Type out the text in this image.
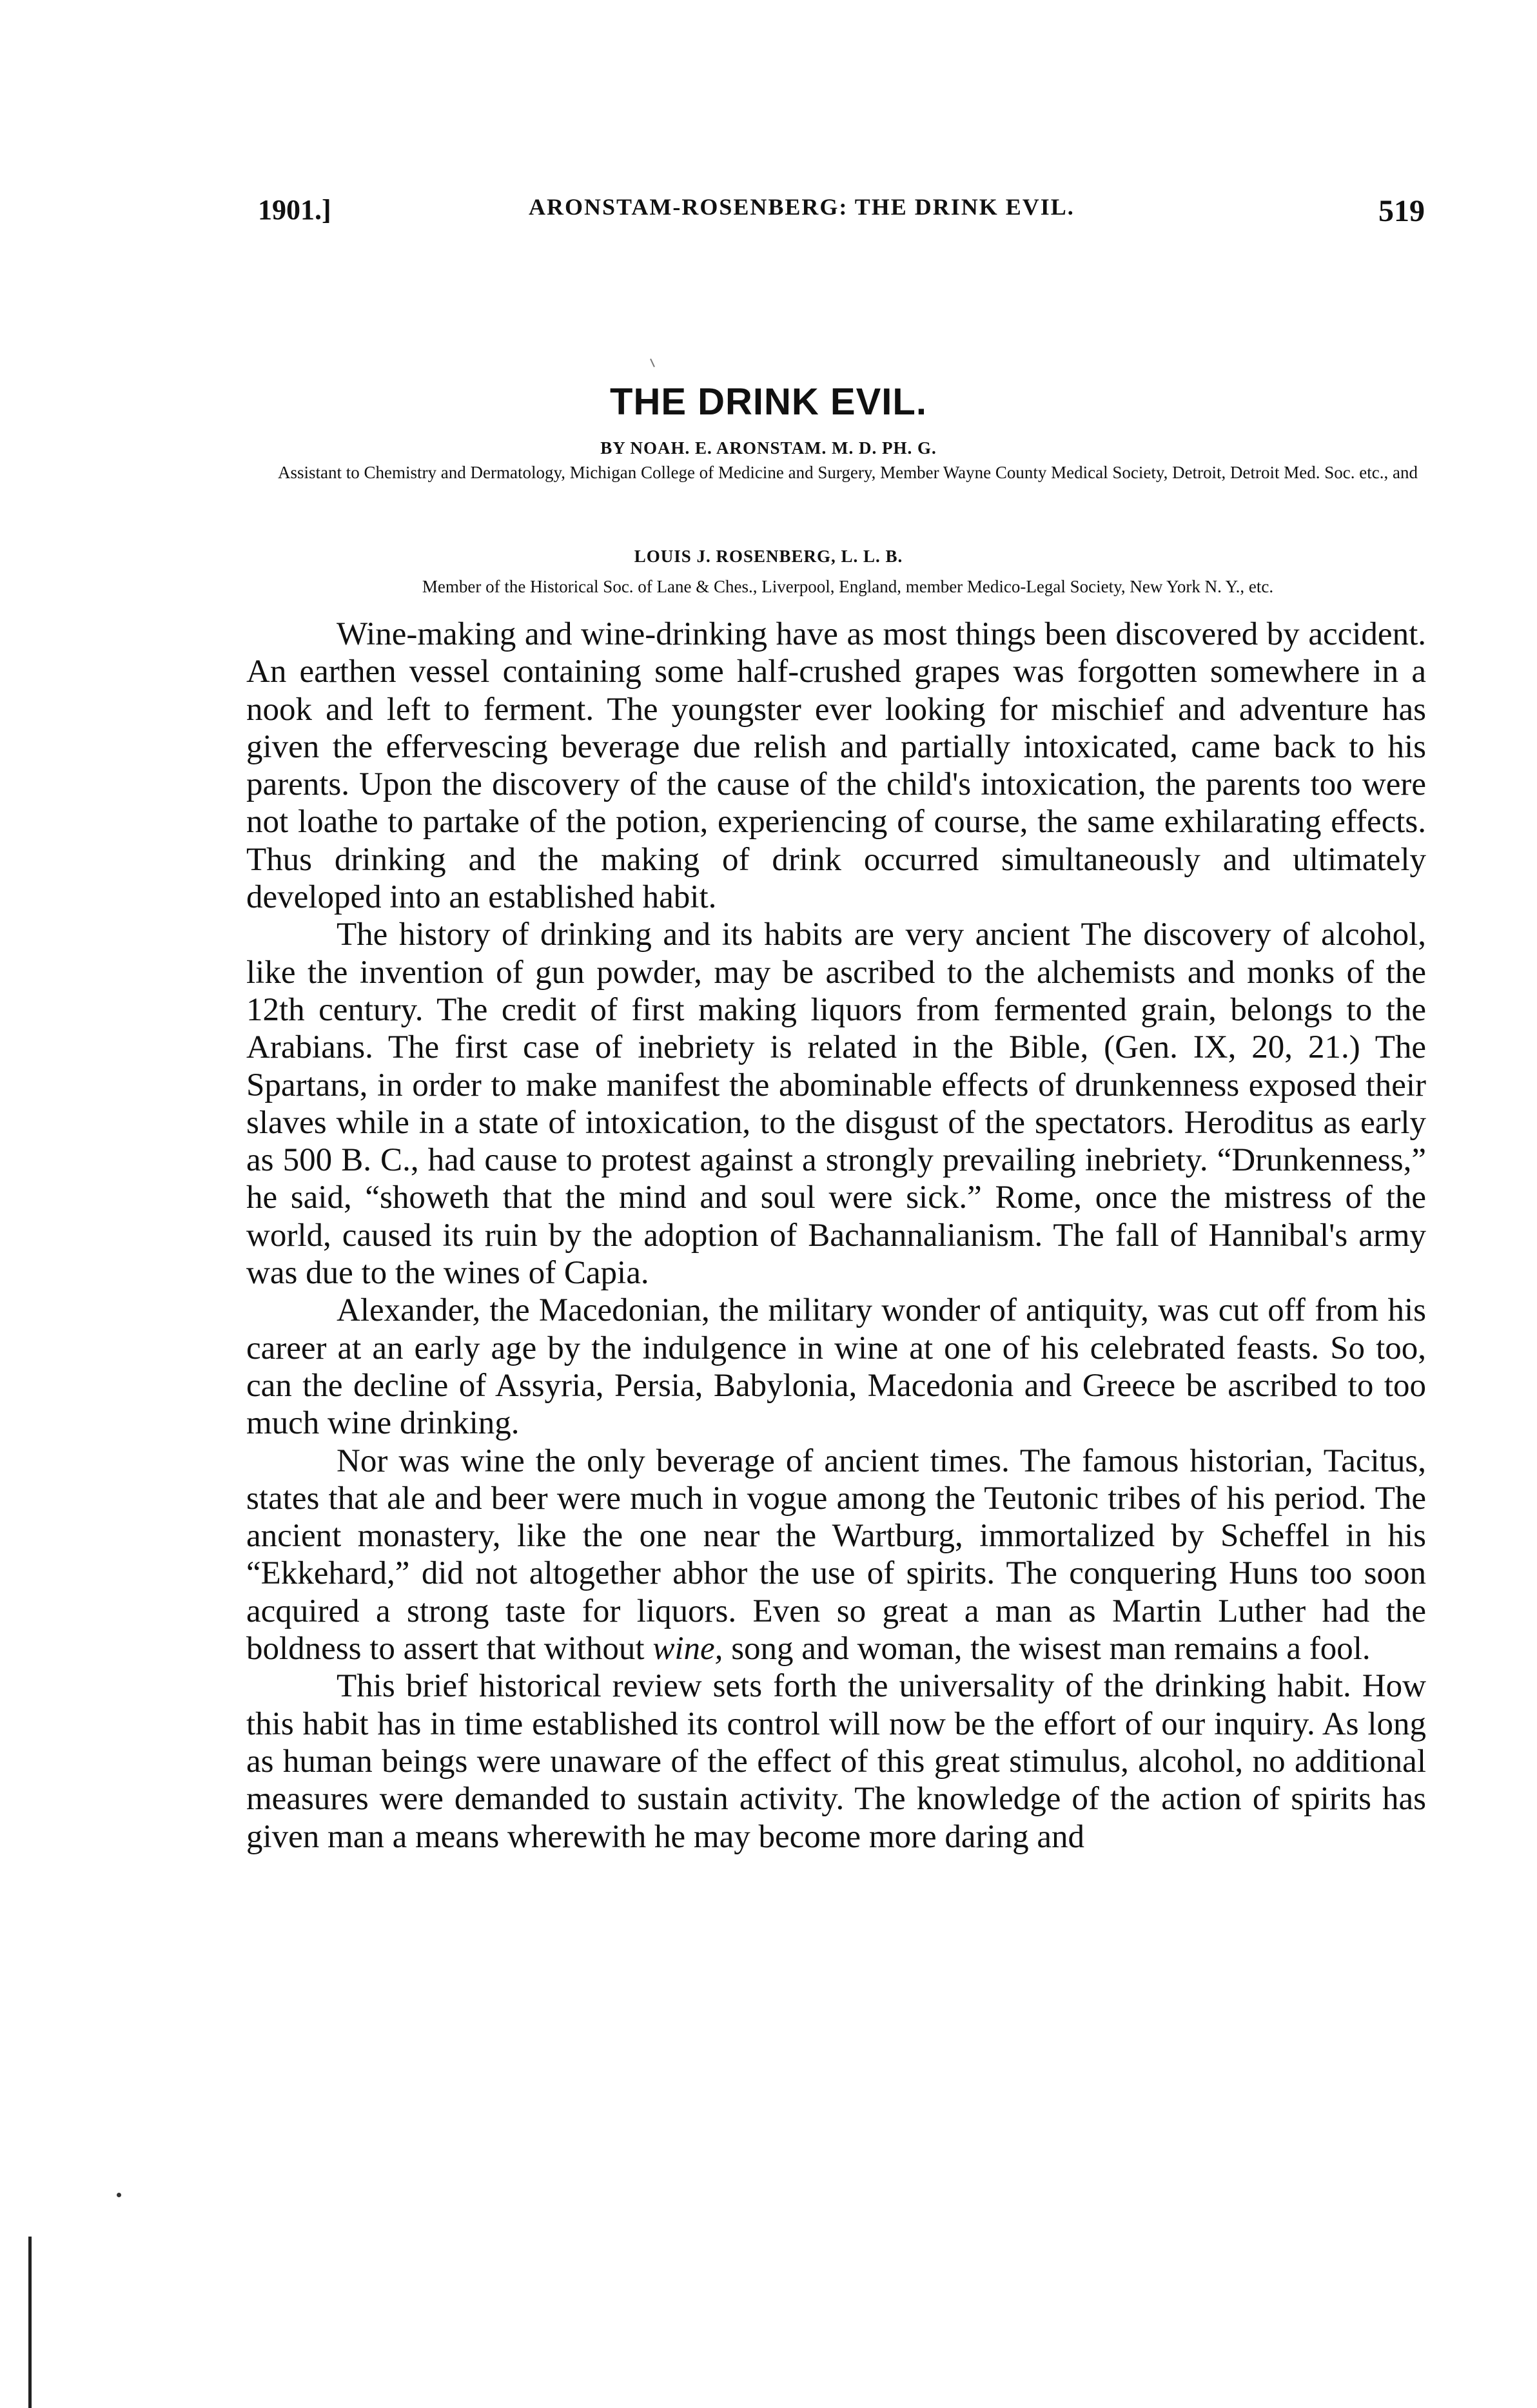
1901.]	ARONSTAM-ROSENBERG: THE DRINK EVIL.	519
THE DRINK EVIL.
BY NOAH. E. ARONSTAM. M. D. PH. G.
Assistant to Chemistry and Dermatology, Michigan College of Medicine and Surgery, Member Wayne County Medical Society, Detroit, Detroit Med. Soc. etc., and
LOUIS J. ROSENBERG, L. L. B.
Member of the Historical Soc. of Lane & Ches., Liverpool, England, member Medico-Legal Society, New York N. Y., etc.

Wine-making and wine-drinking have as most things been discovered by accident. An earthen vessel containing some half-crushed grapes was forgotten somewhere in a nook and left to ferment. The youngster ever looking for mischief and adventure has given the effervescing beverage due relish and partially intoxicated, came back to his parents. Upon the discovery of the cause of the child's intoxication, the parents too were not loathe to partake of the potion, experiencing of course, the same exhilarating effects. Thus drinking and the making of drink occurred simultaneously and ultimately developed into an established habit.

The history of drinking and its habits are very ancient The discovery of alcohol, like the invention of gun powder, may be ascribed to the alchemists and monks of the 12th century. The credit of first making liquors from fermented grain, belongs to the Arabians. The first case of inebriety is related in the Bible, (Gen. IX, 20, 21.) The Spartans, in order to make manifest the abominable effects of drunkenness exposed their slaves while in a state of intoxication, to the disgust of the spectators. Heroditus as early as 500 B. C., had cause to protest against a strongly prevailing inebriety. “Drunkenness,” he said, “showeth that the mind and soul were sick.” Rome, once the mistress of the world, caused its ruin by the adoption of Bachannalianism. The fall of Hannibal's army was due to the wines of Capia.

Alexander, the Macedonian, the military wonder of antiquity, was cut off from his career at an early age by the indulgence in wine at one of his celebrated feasts. So too, can the decline of Assyria, Persia, Babylonia, Macedonia and Greece be ascribed to too much wine drinking.

Nor was wine the only beverage of ancient times. The famous historian, Tacitus, states that ale and beer were much in vogue among the Teutonic tribes of his period. The ancient monastery, like the one near the Wartburg, immortalized by Scheffel in his “Ekkehard,” did not altogether abhor the use of spirits. The conquering Huns too soon acquired a strong taste for liquors. Even so great a man as Martin Luther had the boldness to assert that without wine, song and woman, the wisest man remains a fool.

This brief historical review sets forth the universality of the drinking habit. How this habit has in time established its control will now be the effort of our inquiry. As long as human beings were unaware of the effect of this great stimulus, alcohol, no additional measures were demanded to sustain activity. The knowledge of the action of spirits has given man a means wherewith he may become more daring and
